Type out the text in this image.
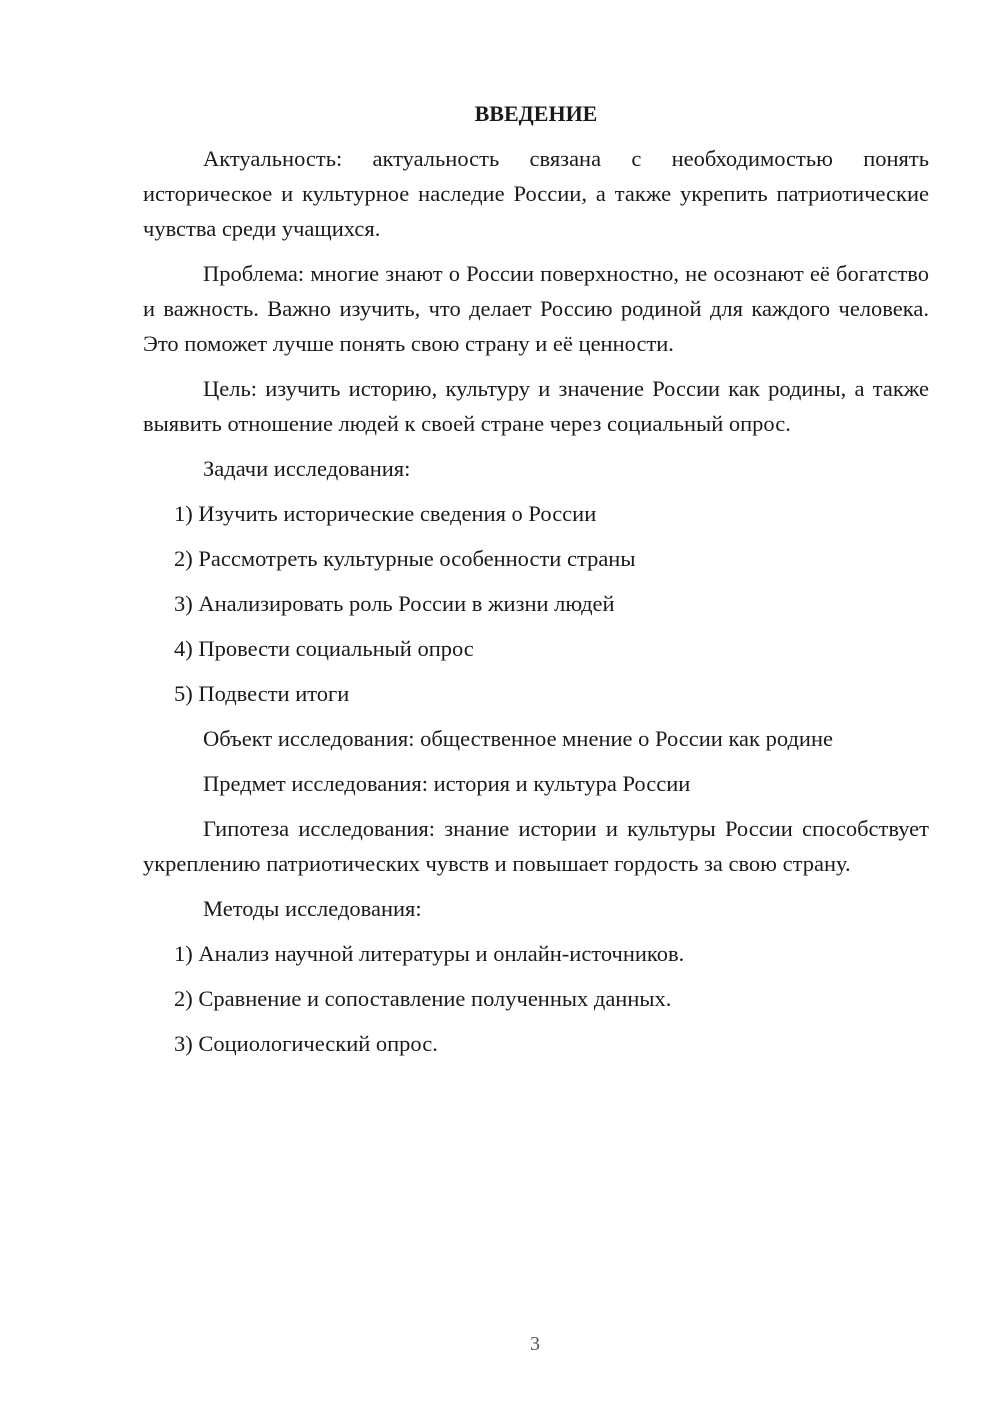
ВВЕДЕНИЕ

Актуальность: актуальность связана с необходимостью понять историческое и культурное наследие России, а также укрепить патриотические чувства среди учащихся.

Проблема: многие знают о России поверхностно, не осознают её богатство и важность. Важно изучить, что делает Россию родиной для каждого человека. Это поможет лучше понять свою страну и её ценности.

Цель: изучить историю, культуру и значение России как родины, а также выявить отношение людей к своей стране через социальный опрос.

Задачи исследования:
1) Изучить исторические сведения о России
2) Рассмотреть культурные особенности страны
3) Анализировать роль России в жизни людей
4) Провести социальный опрос
5) Подвести итоги
Объект исследования: общественное мнение о России как родине
Предмет исследования: история и культура России

Гипотеза исследования: знание истории и культуры России способствует укреплению патриотических чувств и повышает гордость за свою страну.

Методы исследования:
1) Анализ научной литературы и онлайн-источников.
2) Сравнение и сопоставление полученных данных.
3) Социологический опрос.
3
